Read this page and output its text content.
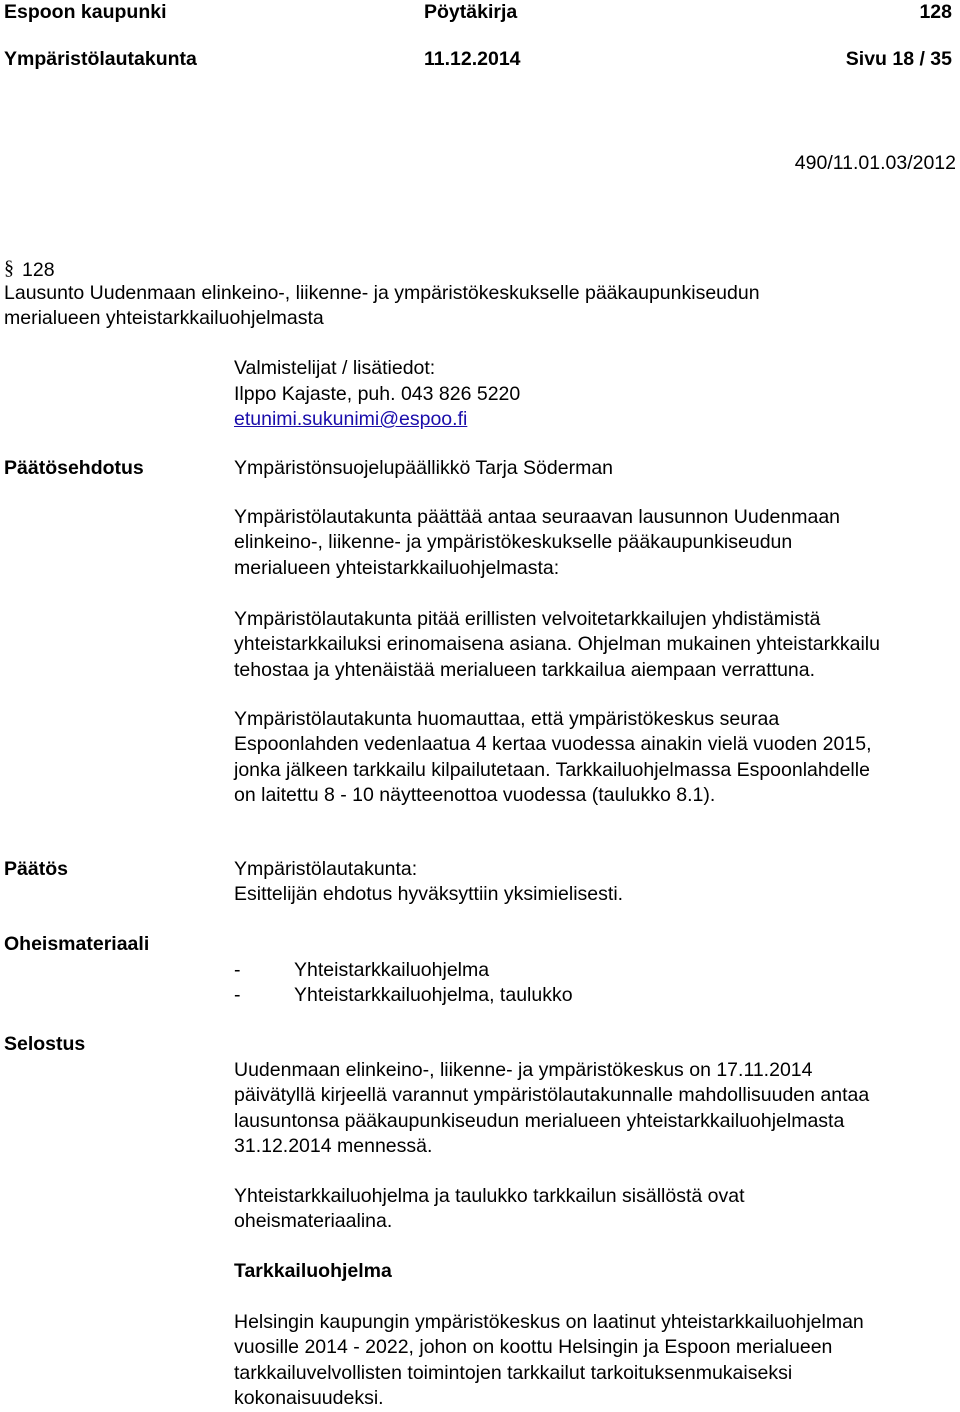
Espoon kaupunki	Pöytäkirja	128
Ympäristölautakunta	11.12.2014	Sivu 18 / 35
490/11.01.03/2012
§ 128
Lausunto Uudenmaan elinkeino-, liikenne- ja ympäristökeskukselle pääkaupunkiseudun
merialueen yhteistarkkailuohjelmasta
Valmistelijat / lisätiedot:
Ilppo Kajaste, puh. 043 826 5220
etunimi.sukunimi@espoo.fi
Päätösehdotus	Ympäristönsuojelupäällikkö Tarja Söderman
Ympäristölautakunta päättää antaa seuraavan lausunnon Uudenmaan
elinkeino-, liikenne- ja ympäristökeskukselle pääkaupunkiseudun
merialueen yhteistarkkailuohjelmasta:
Ympäristölautakunta pitää erillisten velvoitetarkkailujen yhdistämistä
yhteistarkkailuksi erinomaisena asiana. Ohjelman mukainen yhteistarkkailu
tehostaa ja yhtenäistää merialueen tarkkailua aiempaan verrattuna.
Ympäristölautakunta huomauttaa, että ympäristökeskus seuraa
Espoonlahden vedenlaatua 4 kertaa vuodessa ainakin vielä vuoden 2015,
jonka jälkeen tarkkailu kilpailutetaan. Tarkkailuohjelmassa Espoonlahdelle
on laitettu 8 - 10 näytteenottoa vuodessa (taulukko 8.1).
Päätös	Ympäristölautakunta:
Esittelijän ehdotus hyväksyttiin yksimielisesti.
Oheismateriaali
-	Yhteistarkkailuohjelma
-	Yhteistarkkailuohjelma, taulukko
Selostus
Uudenmaan elinkeino-, liikenne- ja ympäristökeskus on 17.11.2014
päivätyllä kirjeellä varannut ympäristölautakunnalle mahdollisuuden antaa
lausuntonsa pääkaupunkiseudun merialueen yhteistarkkailuohjelmasta
31.12.2014 mennessä.
Yhteistarkkailuohjelma ja taulukko tarkkailun sisällöstä ovat
oheismateriaalina.
Tarkkailuohjelma
Helsingin kaupungin ympäristökeskus on laatinut yhteistarkkailuohjelman
vuosille 2014 - 2022, johon on koottu Helsingin ja Espoon merialueen
tarkkailuvelvollisten toimintojen tarkkailut tarkoituksenmukaiseksi
kokonaisuudeksi.
